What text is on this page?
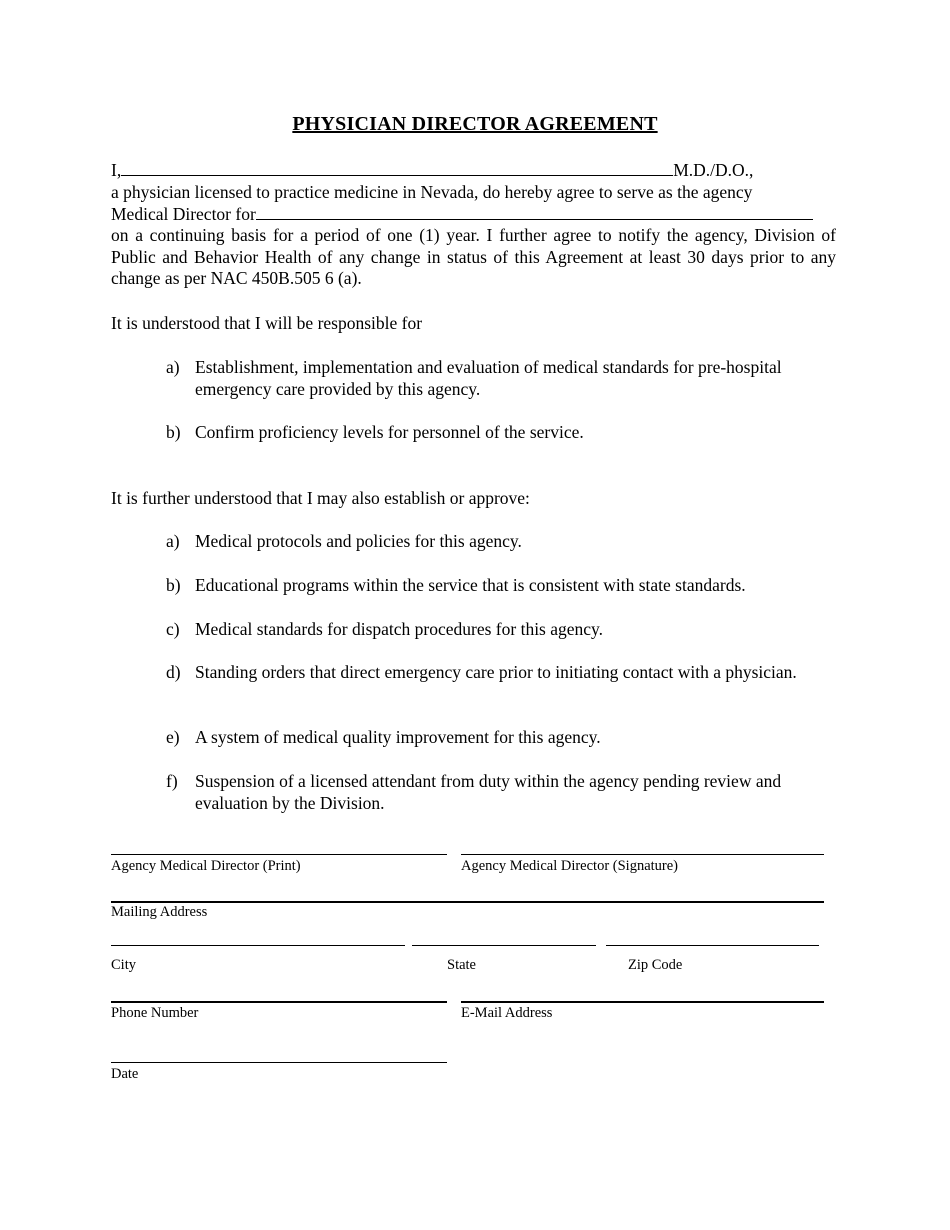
PHYSICIAN DIRECTOR AGREEMENT
I,	M.D./D.O.,
a physician licensed to practice medicine in Nevada, do hereby agree to serve as the agency
Medical Director for
on a continuing basis for a period of one (1) year. I further agree to notify the agency, Division of Public and Behavior Health of any change in status of this Agreement at least 30 days prior to any change as per NAC 450B.505 6 (a).
It is understood that I will be responsible for
a) Establishment, implementation and evaluation of medical standards for pre-hospital emergency care provided by this agency.
b) Confirm proficiency levels for personnel of the service.
It is further understood that I may also establish or approve:
a) Medical protocols and policies for this agency.
b) Educational programs within the service that is consistent with state standards.
c) Medical standards for dispatch procedures for this agency.
d) Standing orders that direct emergency care prior to initiating contact with a physician.
e) A system of medical quality improvement for this agency.
f) Suspension of a licensed attendant from duty within the agency pending review and evaluation by the Division.
Agency Medical Director (Print)	Agency Medical Director (Signature)
Mailing Address
City	State	Zip Code
Phone Number	E-Mail Address
Date
